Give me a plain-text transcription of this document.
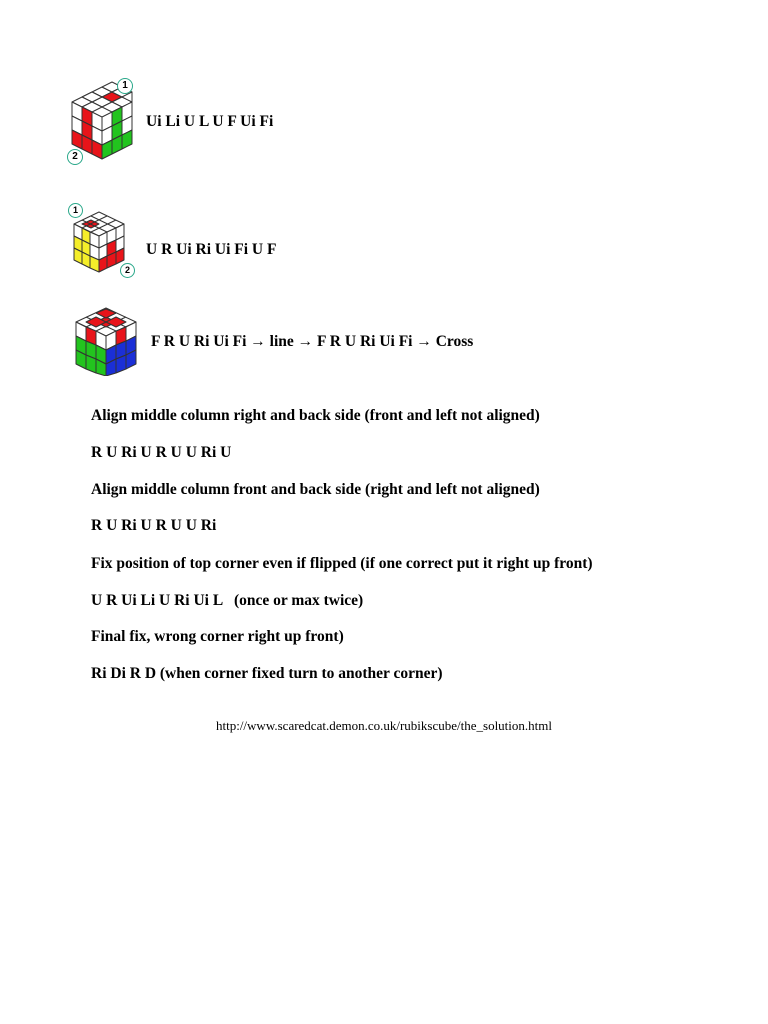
1
2
Ui Li U L U F Ui Fi
1
2
U R Ui Ri Ui Fi U F
F R U Ri Ui Fi → line → F R U Ri Ui Fi → Cross
Align middle column right and back side (front and left not aligned)
R U Ri U R U U Ri U
Align middle column front and back side (right and left not aligned)
R U Ri U R U U Ri
Fix position of top corner even if flipped (if one correct put it right up front)
U R Ui Li U Ri Ui L   (once or max twice)
Final fix, wrong corner right up front)
Ri Di R D (when corner fixed turn to another corner)
http://www.scaredcat.demon.co.uk/rubikscube/the_solution.html
